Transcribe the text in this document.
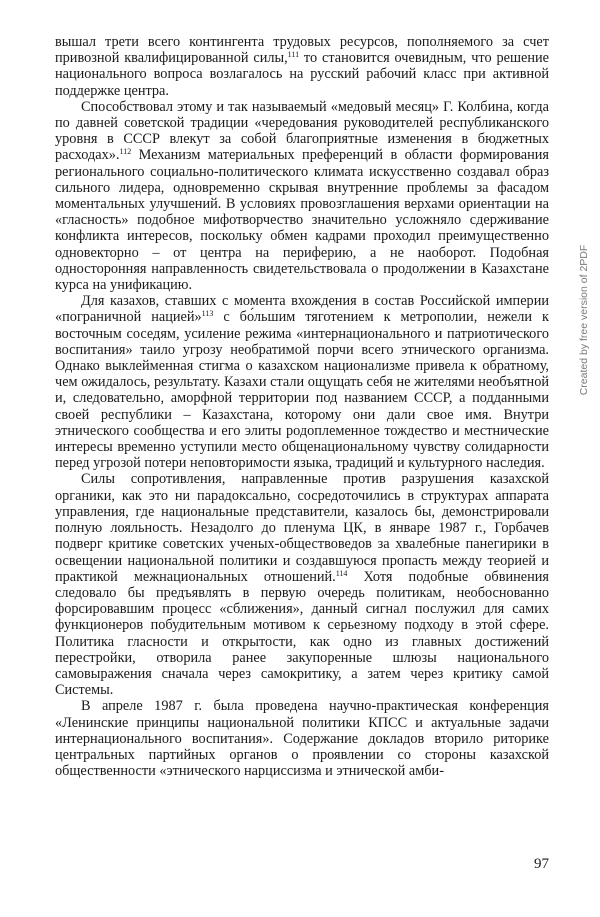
вышал трети всего контингента трудовых ресурсов, пополняемого за счет привозной квалифицированной силы,$^{111}$ то становится очевидным, что решение национального вопроса возлагалось на русский рабочий класс при активной поддержке центра.

Способствовал этому и так называемый «медовый месяц» Г. Колбина, когда по давней советской традиции «чередования руководителей республиканского уровня в СССР влекут за собой благоприятные изменения в бюджетных расходах».$^{112}$ Механизм материальных преференций в области формирования регионального социально-политического климата искусственно создавал образ сильного лидера, одновременно скрывая внутренние проблемы за фасадом моментальных улучшений. В условиях провозглашения верхами ориентации на «гласность» подобное мифотворчество значительно усложняло сдерживание конфликта интересов, поскольку обмен кадрами проходил преимущественно одновекторно – от центра на периферию, а не наоборот. Подобная односторонняя направленность свидетельствовала о продолжении в Казахстане курса на унификацию.

Для казахов, ставших с момента вхождения в состав Российской империи «пограничной нацией»$^{113}$ с бо́льшим тяготением к метрополии, нежели к восточным соседям, усиление режима «интернационального и патриотического воспитания» таило угрозу необратимой порчи всего этнического организма. Однако выклейменная стигма о казахском национализме привела к обратному, чем ожидалось, результату. Казахи стали ощущать себя не жителями необъятной и, следовательно, аморфной территории под названием СССР, а подданными своей республики – Казахстана, которому они дали свое имя. Внутри этнического сообщества и его элиты родоплеменное тождество и местнические интересы временно уступили место общенациональному чувству солидарности перед угрозой потери неповторимости языка, традиций и культурного наследия.

Силы сопротивления, направленные против разрушения казахской органики, как это ни парадоксально, сосредоточились в структурах аппарата управления, где национальные представители, казалось бы, демонстрировали полную лояльность. Незадолго до пленума ЦК, в январе 1987 г., Горбачев подверг критике советских ученых-обществоведов за хвалебные панегирики в освещении национальной политики и создавшуюся пропасть между теорией и практикой межнациональных отношений.$^{114}$ Хотя подобные обвинения следовало бы предъявлять в первую очередь политикам, необоснованно форсировавшим процесс «сближения», данный сигнал послужил для самих функционеров побудительным мотивом к серьезному подходу в этой сфере. Политика гласности и открытости, как одно из главных достижений перестройки, отворила ранее закупоренные шлюзы национального самовыражения сначала через самокритику, а затем через критику самой Системы.

В апреле 1987 г. была проведена научно-практическая конференция «Ленинские принципы национальной политики КПСС и актуальные задачи интернационального воспитания». Содержание докладов вторило риторике центральных партийных органов о проявлении со стороны казахской общественности «этнического нарциссизма и этнической амби-

97
Created by free version of 2PDF
